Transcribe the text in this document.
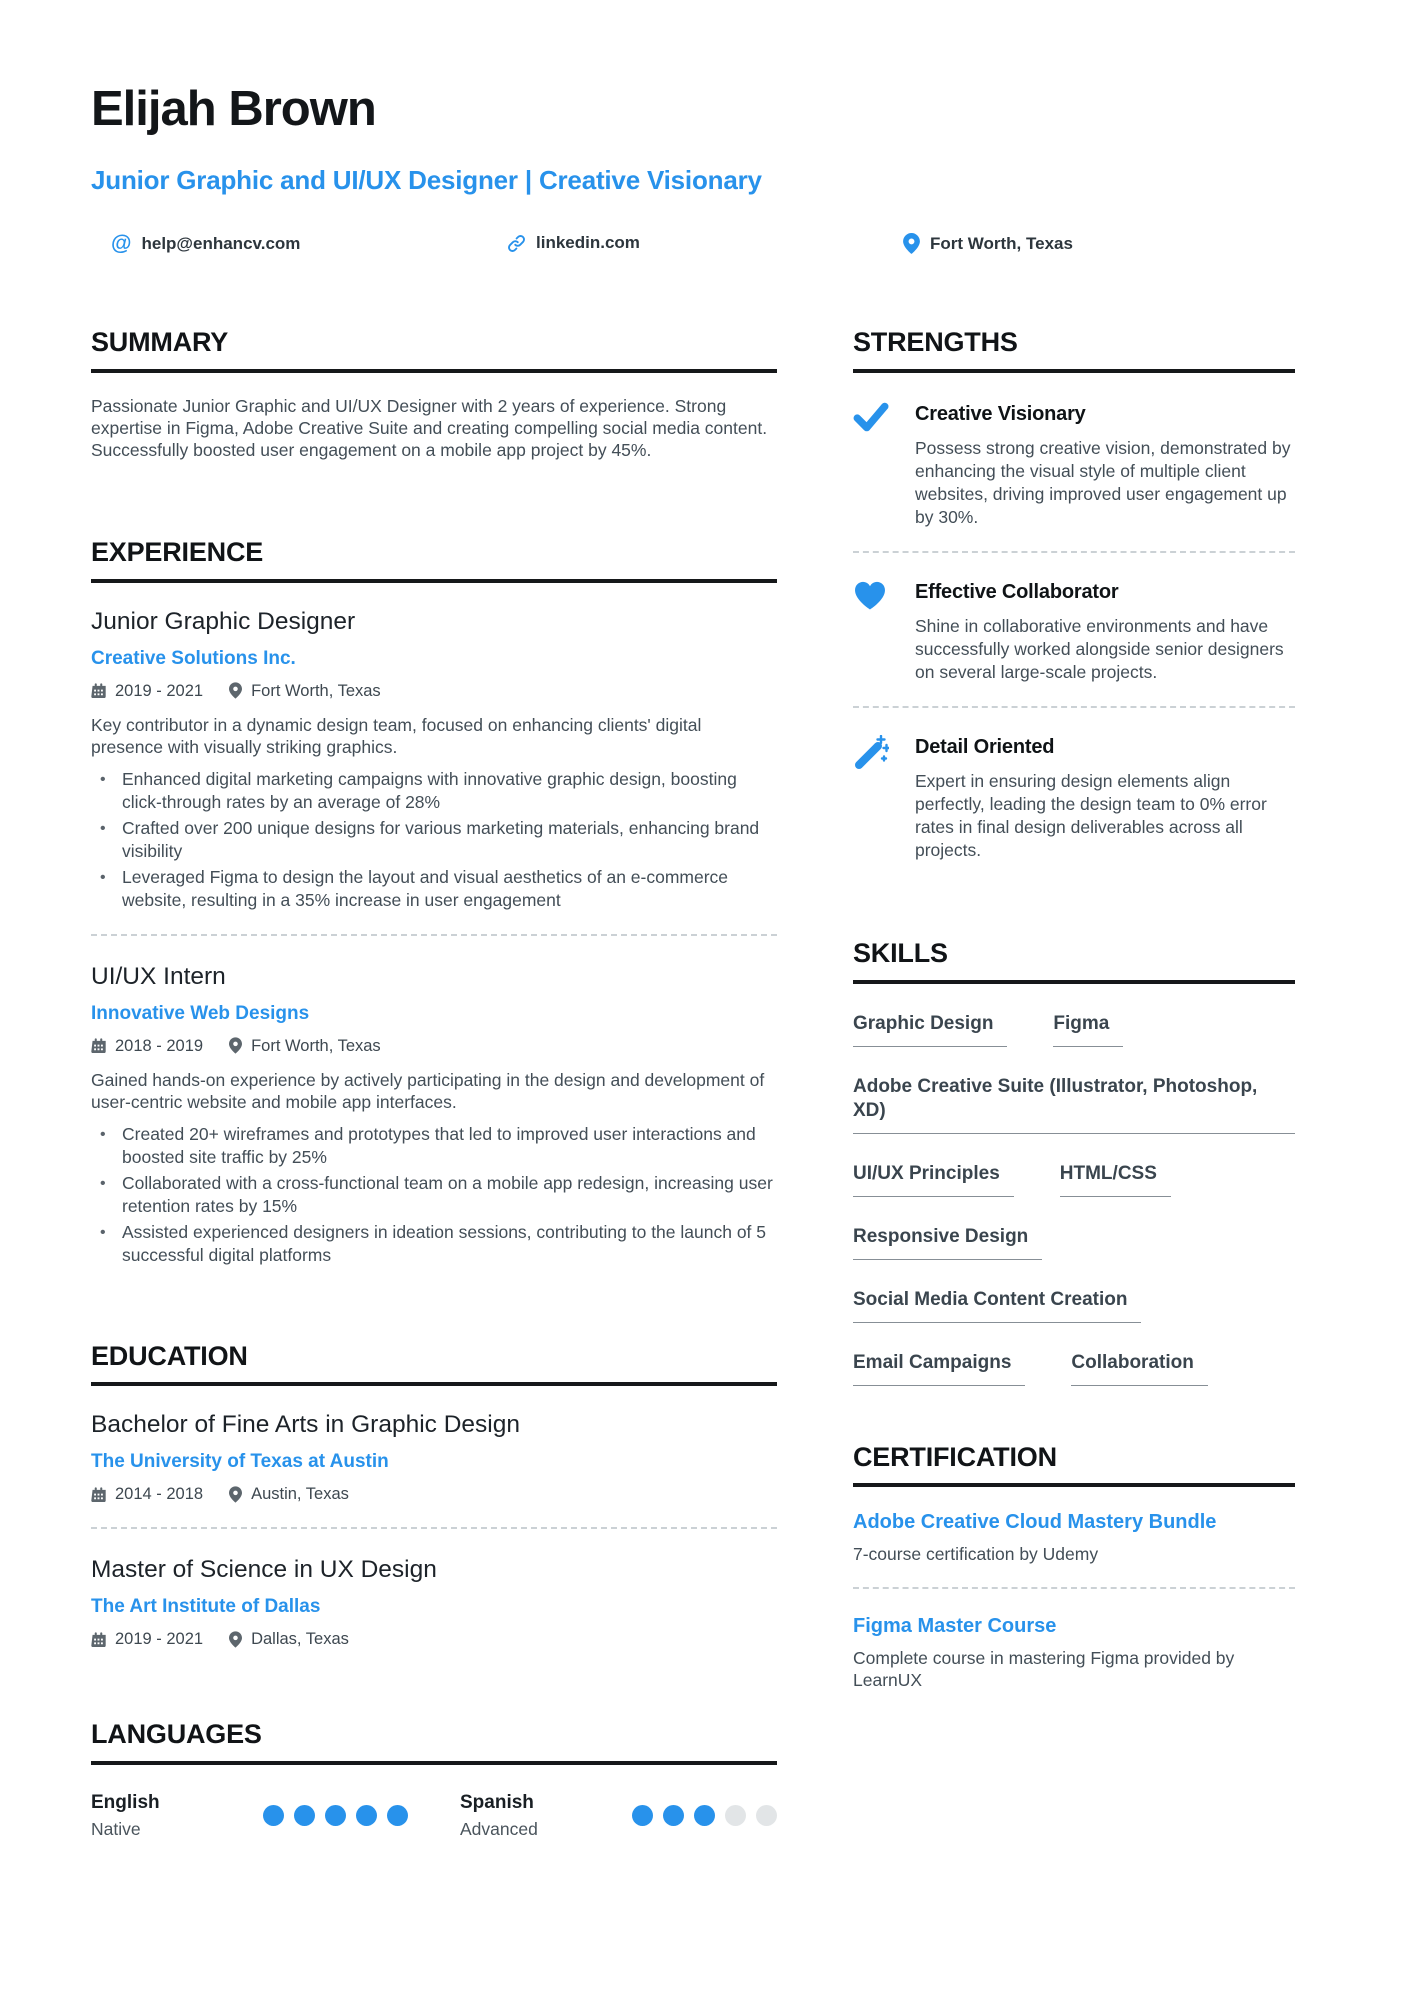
Elijah Brown
Junior Graphic and UI/UX Designer | Creative Visionary
@ help@enhancv.com	linkedin.com	Fort Worth, Texas
SUMMARY

Passionate Junior Graphic and UI/UX Designer with 2 years of experience. Strong expertise in Figma, Adobe Creative Suite and creating compelling social media content. Successfully boosted user engagement on a mobile app project by 45%.

EXPERIENCE
Junior Graphic Designer
Creative Solutions Inc.
2019 - 2021	Fort Worth, Texas
Key contributor in a dynamic design team, focused on enhancing clients' digital presence with visually striking graphics.
• Enhanced digital marketing campaigns with innovative graphic design, boosting click-through rates by an average of 28%
• Crafted over 200 unique designs for various marketing materials, enhancing brand visibility
• Leveraged Figma to design the layout and visual aesthetics of an e-commerce website, resulting in a 35% increase in user engagement
UI/UX Intern
Innovative Web Designs
2018 - 2019	Fort Worth, Texas
Gained hands-on experience by actively participating in the design and development of user-centric website and mobile app interfaces.
• Created 20+ wireframes and prototypes that led to improved user interactions and boosted site traffic by 25%
• Collaborated with a cross-functional team on a mobile app redesign, increasing user retention rates by 15%
• Assisted experienced designers in ideation sessions, contributing to the launch of 5 successful digital platforms
EDUCATION
Bachelor of Fine Arts in Graphic Design
The University of Texas at Austin
2014 - 2018	Austin, Texas
Master of Science in UX Design
The Art Institute of Dallas
2019 - 2021	Dallas, Texas
LANGUAGES
English
Native
Spanish
Advanced
STRENGTHS
Creative Visionary
Possess strong creative vision, demonstrated by enhancing the visual style of multiple client websites, driving improved user engagement up by 30%.
Effective Collaborator
Shine in collaborative environments and have successfully worked alongside senior designers on several large-scale projects.
Detail Oriented
Expert in ensuring design elements align perfectly, leading the design team to 0% error rates in final design deliverables across all projects.
SKILLS
Graphic Design	Figma
Adobe Creative Suite (Illustrator, Photoshop, XD)
UI/UX Principles	HTML/CSS
Responsive Design
Social Media Content Creation
Email Campaigns	Collaboration
CERTIFICATION
Adobe Creative Cloud Mastery Bundle
7-course certification by Udemy
Figma Master Course
Complete course in mastering Figma provided by LearnUX
